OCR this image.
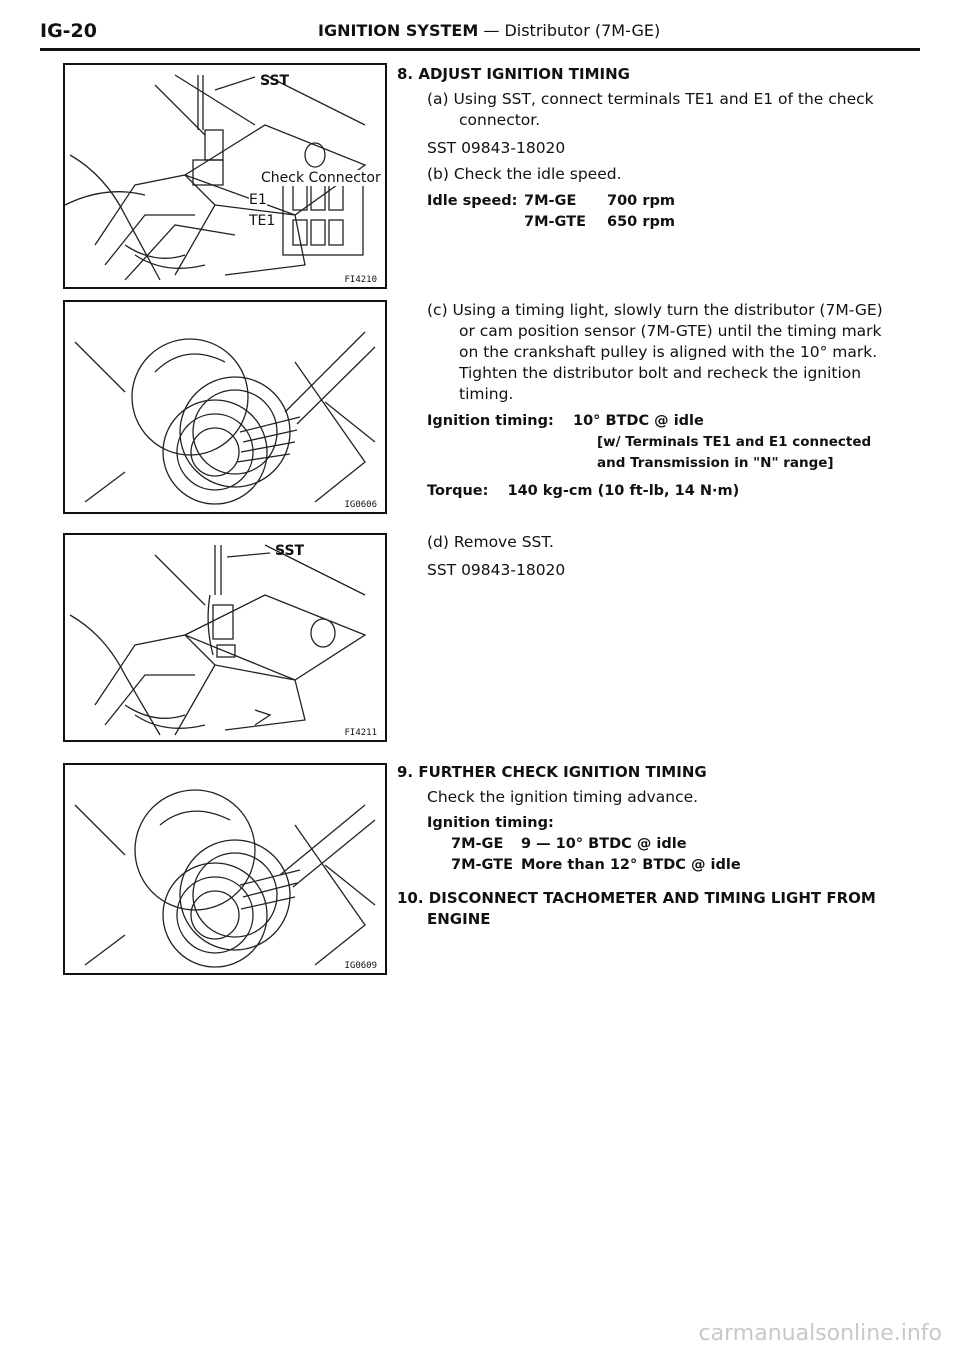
IG-20	IGNITION SYSTEM — Distributor (7M-GE)
SST
Check Connector
E1
TE1
FI4210
IG0606
SST
FI4211
IG0609
8. ADJUST IGNITION TIMING
(a) Using SST, connect terminals TE1 and E1 of the check connector.
SST 09843-18020
(b) Check the idle speed.
Idle speed: 7M-GE 700 rpm
7M-GTE 650 rpm
(c) Using a timing light, slowly turn the distributor (7M-GE) or cam position sensor (7M-GTE) until the timing mark on the crankshaft pulley is aligned with the 10° mark. Tighten the distributor bolt and recheck the ignition timing.
Ignition timing: 10° BTDC @ idle
[w/ Terminals TE1 and E1 connected
and Transmission in "N" range]
Torque: 140 kg-cm (10 ft-lb, 14 N·m)
(d) Remove SST.
SST 09843-18020
9. FURTHER CHECK IGNITION TIMING
Check the ignition timing advance.
Ignition timing:
7M-GE 9 — 10° BTDC @ idle
7M-GTE More than 12° BTDC @ idle
10. DISCONNECT TACHOMETER AND TIMING LIGHT FROM ENGINE
carmanualsonline.info
